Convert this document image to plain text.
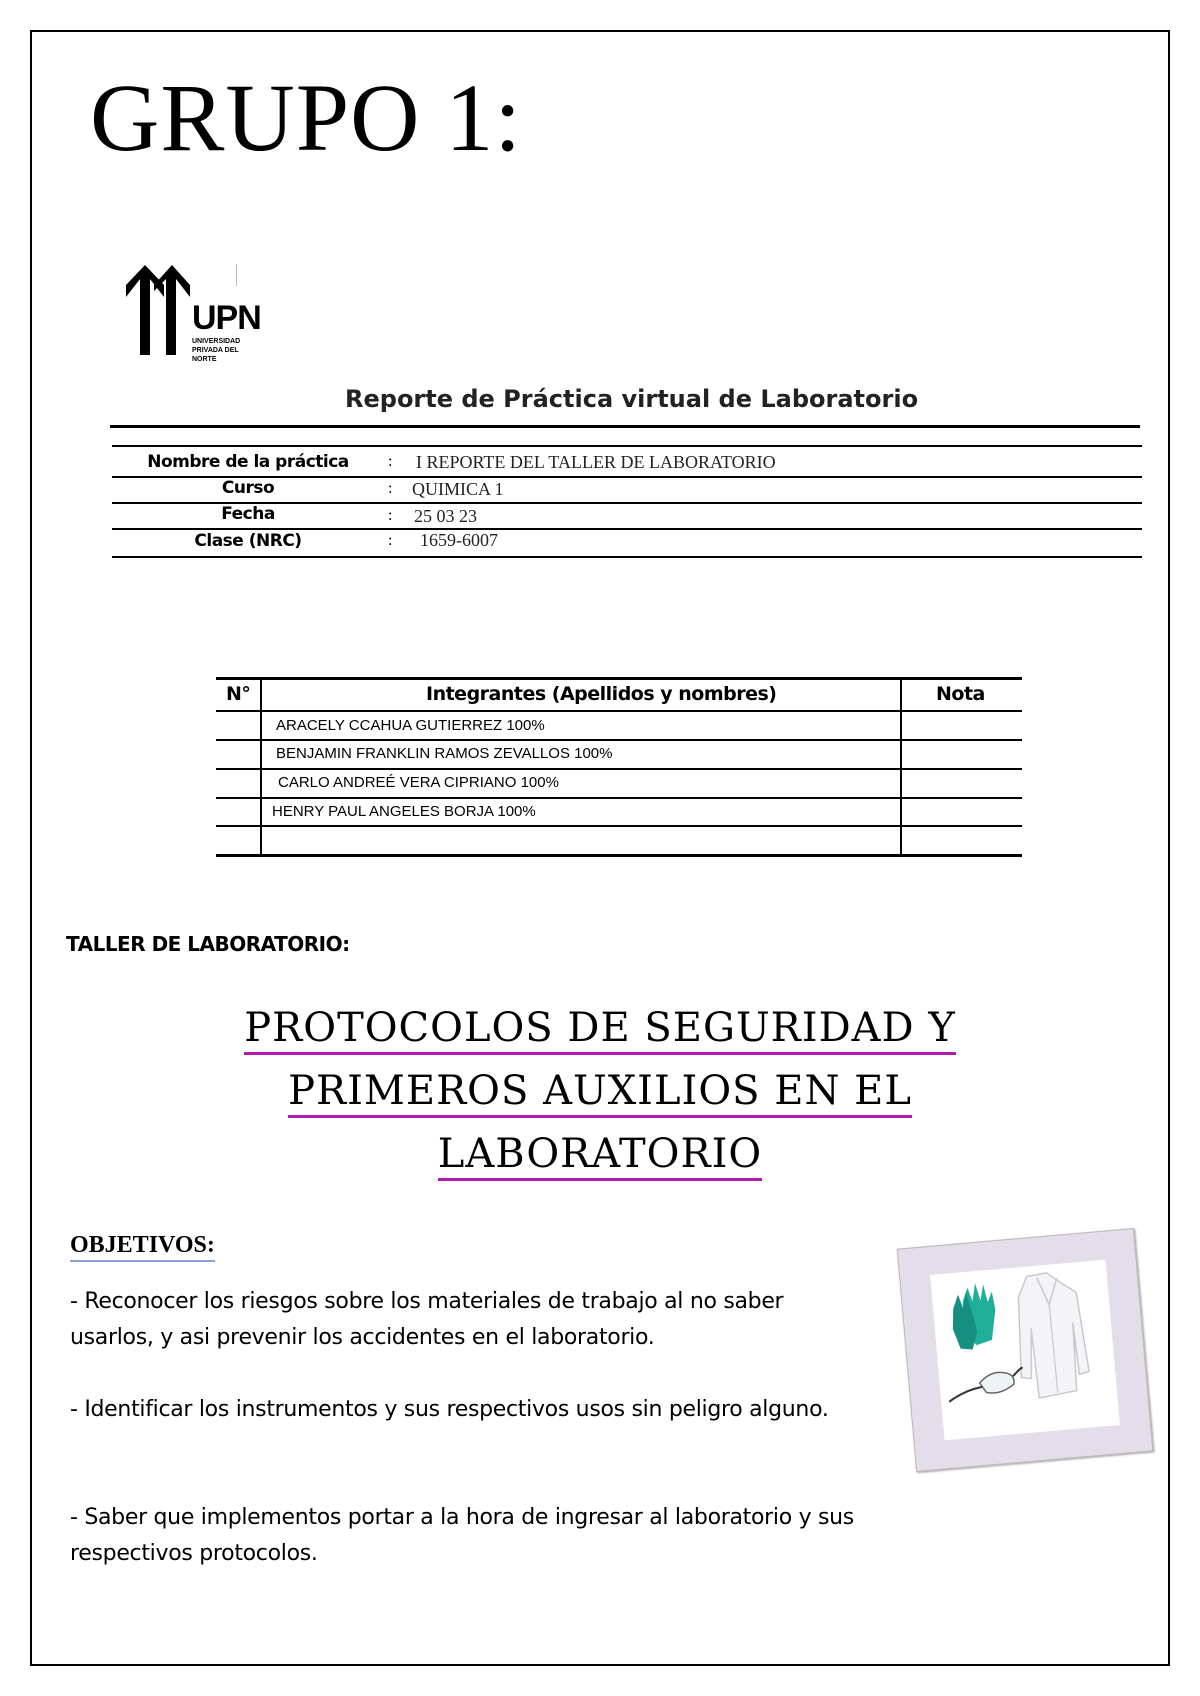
GRUPO 1:
UPN
UNIVERSIDAD PRIVADA DEL NORTE
Reporte de Práctica virtual de Laboratorio
Nombre de la práctica	: I REPORTE DEL TALLER DE LABORATORIO
Curso	: QUIMICA 1
Fecha	: 25 03 23
Clase (NRC)	: 1659-6007
N°	Integrantes (Apellidos y nombres)	Nota
ARACELY CCAHUA GUTIERREZ 100%
BENJAMIN FRANKLIN RAMOS ZEVALLOS 100%
CARLO ANDREÉ VERA CIPRIANO 100%
HENRY PAUL ANGELES BORJA 100%
TALLER DE LABORATORIO:
PROTOCOLOS DE SEGURIDAD Y
PRIMEROS AUXILIOS EN EL
LABORATORIO
OBJETIVOS:
- Reconocer los riesgos sobre los materiales de trabajo al no saber usarlos, y asi prevenir los accidentes en el laboratorio.
- Identificar los instrumentos y sus respectivos usos sin peligro alguno.
- Saber que implementos portar a la hora de ingresar al laboratorio y sus respectivos protocolos.
